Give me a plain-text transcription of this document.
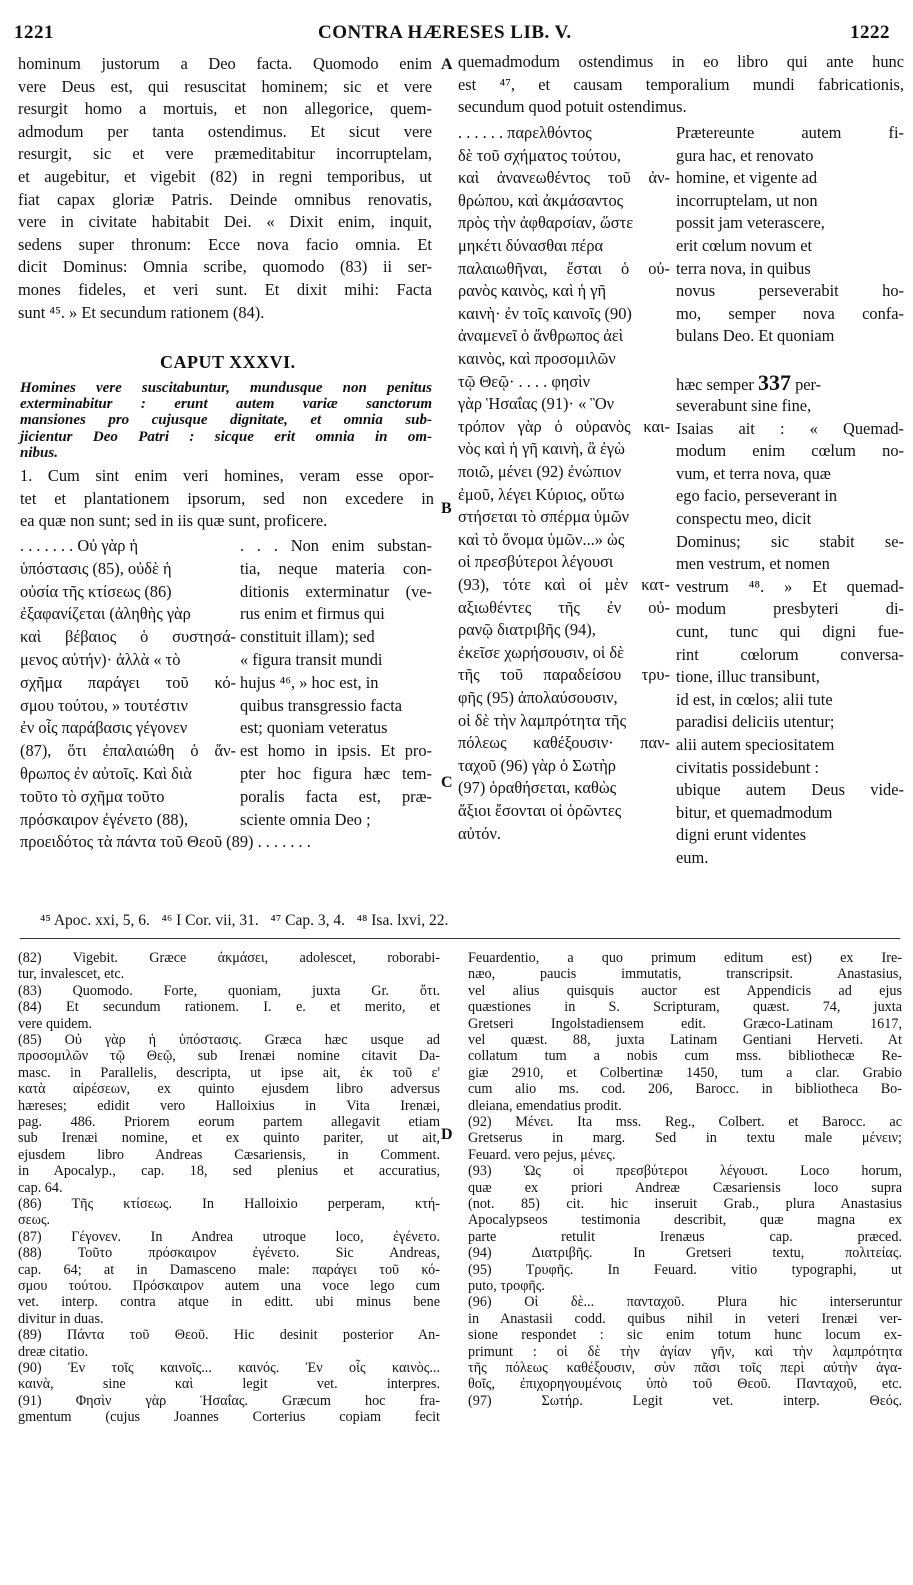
1221	CONTRA HÆRESES LIB. V.	1222
A
B
C
D
hominum justorum a Deo facta. Quomodo enim
vere Deus est, qui resuscitat hominem; sic et vere
resurgit homo a mortuis, et non allegorice, quem-
admodum per tanta ostendimus. Et sicut vere
resurgit, sic et vere præmeditabitur incorruptelam,
et augebitur, et vigebit (82) in regni temporibus, ut
fiat capax gloriæ Patris. Deinde omnibus renovatis,
vere in civitate habitabit Dei. « Dixit enim, inquit,
sedens super thronum: Ecce nova facio omnia. Et
dicit Dominus: Omnia scribe, quomodo (83) ii ser-
mones fideles, et veri sunt. Et dixit mihi: Facta
sunt ⁴⁵. » Et secundum rationem (84).
CAPUT XXXVI.
Homines vere suscitabuntur, mundusque non penitus
exterminabitur : erunt autem variæ sanctorum
mansiones pro cujusque dignitate, et omnia sub-
jicientur Deo Patri : sicque erit omnia in om-
nibus.
1. Cum sint enim veri homines, veram esse opor-
tet et plantationem ipsorum, sed non excedere in
ea quæ non sunt; sed in iis quæ sunt, proficere.
. . . . . . . Οὐ γὰρ ἡ
ὑπόστασις (85), οὐδὲ ἡ
οὐσία τῆς κτίσεως (86)
ἐξαφανίζεται (ἀληθὴς γὰρ
καὶ βέβαιος ὁ συστησά-
μενος αὐτήν)· ἀλλὰ « τὸ
σχῆμα παράγει τοῦ κό-
σμου τούτου, » τουτέστιν
ἐν οἷς παράβασις γέγονεν
(87), ὅτι ἐπαλαιώθη ὁ ἄν-
θρωπος ἐν αὐτοῖς. Καὶ διὰ
τοῦτο τὸ σχῆμα τοῦτο
πρόσκαιρον ἐγένετο (88),
προειδότος τὰ πάντα τοῦ Θεοῦ (89) . . . . . . .
. . . Non enim substan-
tia, neque materia con-
ditionis exterminatur (ve-
rus enim et firmus qui
constituit illam); sed
« figura transit mundi
hujus ⁴⁶, » hoc est, in
quibus transgressio facta
est; quoniam veteratus
est homo in ipsis. Et pro-
pter hoc figura hæc tem-
poralis facta est, præ-
sciente omnia Deo ;
quemadmodum ostendimus in eo libro qui ante hunc
est ⁴⁷, et causam temporalium mundi fabricationis,
secundum quod potuit ostendimus.
. . . . . . παρελθόντος
δὲ τοῦ σχήματος τούτου,
καὶ ἀνανεωθέντος τοῦ ἀν-
θρώπου, καὶ ἀκμάσαντος
πρὸς τὴν ἀφθαρσίαν, ὥστε
μηκέτι δύνασθαι πέρα
παλαιωθῆναι, ἔσται ὁ οὐ-
ρανὸς καινὸς, καὶ ἡ γῆ
καινὴ· ἐν τοῖς καινοῖς (90)
ἀναμενεῖ ὁ ἄνθρωπος ἀεὶ
καινὸς, καὶ προσομιλῶν
τῷ Θεῷ· . . . . φησὶν
γὰρ Ἡσαΐας (91)· « Ὃν
τρόπον γὰρ ὁ οὐρανὸς και-
νὸς καὶ ἡ γῆ καινὴ, ἃ ἐγὼ
ποιῶ, μένει (92) ἐνώπιον
ἐμοῦ, λέγει Κύριος, οὕτω
στήσεται τὸ σπέρμα ὑμῶν
καὶ τὸ ὄνομα ὑμῶν...» ὡς
οἱ πρεσβύτεροι λέγουσι
(93), τότε καὶ οἱ μὲν κατ-
αξιωθέντες τῆς ἐν οὐ-
ρανῷ διατριβῆς (94),
ἐκεῖσε χωρήσουσιν, οἱ δὲ
τῆς τοῦ παραδείσου τρυ-
φῆς (95) ἀπολαύσουσιν,
οἱ δὲ τὴν λαμπρότητα τῆς
πόλεως καθέξουσιν· παν-
ταχοῦ (96) γὰρ ὁ Σωτὴρ
(97) ὁραθήσεται, καθὼς
ἄξιοι ἔσονται οἱ ὁρῶντες
αὐτόν.
Prætereunte autem fi-
gura hac, et renovato
homine, et vigente ad
incorruptelam, ut non
possit jam veterascere,
erit cœlum novum et
terra nova, in quibus
novus perseverabit ho-
mo, semper nova confa-
bulans Deo. Et quoniam
severabunt sine fine,
Isaias ait : « Quemad-
modum enim cœlum no-
vum, et terra nova, quæ
ego facio, perseverant in
conspectu meo, dicit
Dominus; sic stabit se-
men vestrum, et nomen
vestrum ⁴⁸. » Et quemad-
modum presbyteri di-
cunt, tunc qui digni fue-
rint cœlorum conversa-
tione, illuc transibunt,
id est, in cœlos; alii tute
paradisi deliciis utentur;
alii autem speciositatem
civitatis possidebunt :
ubique autem Deus vide-
bitur, et quemadmodum
digni erunt videntes
eum.
hæc semper 337 per-
⁴⁵ Apoc. xxi, 5, 6.   ⁴⁶ I Cor. vii, 31.   ⁴⁷ Cap. 3, 4.   ⁴⁸ Isa. lxvi, 22.
(82) Vigebit. Græce ἀκμάσει, adolescet, roborabi-
tur, invalescet, etc.
(83) Quomodo. Forte, quoniam, juxta Gr. ὅτι.
(84) Et secundum rationem. I. e. et merito, et
vere quidem.
(85) Οὐ γὰρ ἡ ὑπόστασις. Græca hæc usque ad
προσομιλῶν τῷ Θεῷ, sub Irenæi nomine citavit Da-
masc. in Parallelis, descripta, ut ipse ait, ἐκ τοῦ ε'
κατὰ αἱρέσεων, ex quinto ejusdem libro adversus
hæreses; edidit vero Halloixius in Vita Irenæi,
pag. 486. Priorem eorum partem allegavit etiam
sub Irenæi nomine, et ex quinto pariter, ut ait,
ejusdem libro Andreas Cæsariensis, in Comment.
in Apocalyp., cap. 18, sed plenius et accuratius,
cap. 64.
(86) Τῆς κτίσεως. In Halloixio perperam, κτή-
σεως.
(87) Γέγονεν. In Andrea utroque loco, ἐγένετο.
(88) Τοῦτο πρόσκαιρον ἐγένετο. Sic Andreas,
cap. 64; at in Damasceno male: παράγει τοῦ κό-
σμου τούτου. Πρόσκαιρον autem una voce lego cum
vet. interp. contra atque in editt. ubi minus bene
divitur in duas.
(89) Πάντα τοῦ Θεοῦ. Hic desinit posterior An-
dreæ citatio.
(90) Ἐν τοῖς καινοῖς... καινός. Ἐν οἷς καινὸς...
καινὰ, sine καὶ legit vet. interpres.
(91) Φησὶν γὰρ Ἡσαΐας. Græcum hoc fra-
gmentum (cujus Joannes Corterius copiam fecit
Feuardentio, a quo primum editum est) ex Ire-
næo, paucis immutatis, transcripsit. Anastasius,
vel alius quisquis auctor est Appendicis ad ejus
quæstiones in S. Scripturam, quæst. 74, juxta
Gretseri Ingolstadiensem edit. Græco-Latinam 1617,
vel quæst. 88, juxta Latinam Gentiani Herveti. At
collatum tum a nobis cum mss. bibliothecæ Re-
giæ 2910, et Colbertinæ 1450, tum a clar. Grabio
cum alio ms. cod. 206, Barocc. in bibliotheca Bo-
dleiana, emendatius prodit.
(92) Μένει. Ita mss. Reg., Colbert. et Barocc. ac
Gretserus in marg. Sed in textu male μένειν;
Feuard. vero pejus, μένες.
(93) Ὡς οἱ πρεσβύτεροι λέγουσι. Loco horum,
quæ ex priori Andreæ Cæsariensis loco supra
(not. 85) cit. hic inseruit Grab., plura Anastasius
Apocalypseos testimonia describit, quæ magna ex
parte retulit Irenæus cap. præced.
(94) Διατριβῆς. In Gretseri textu, πολιτείας.
(95) Τρυφῆς. In Feuard. vitio typographi, ut
puto, τροφῆς.
(96) Οἱ δὲ... πανταχοῦ. Plura hic interseruntur
in Anastasii codd. quibus nihil in veteri Irenæi ver-
sione respondet : sic enim totum hunc locum ex-
primunt : οἱ δὲ τὴν ἁγίαν γῆν, καὶ τὴν λαμπρότητα
τῆς πόλεως καθέξουσιν, σὺν πᾶσι τοῖς περὶ αὐτὴν ἀγα-
θοῖς, ἐπιχορηγουμένοις ὑπὸ τοῦ Θεοῦ. Πανταχοῦ, etc.
(97) Σωτήρ. Legit vet. interp. Θεός.
